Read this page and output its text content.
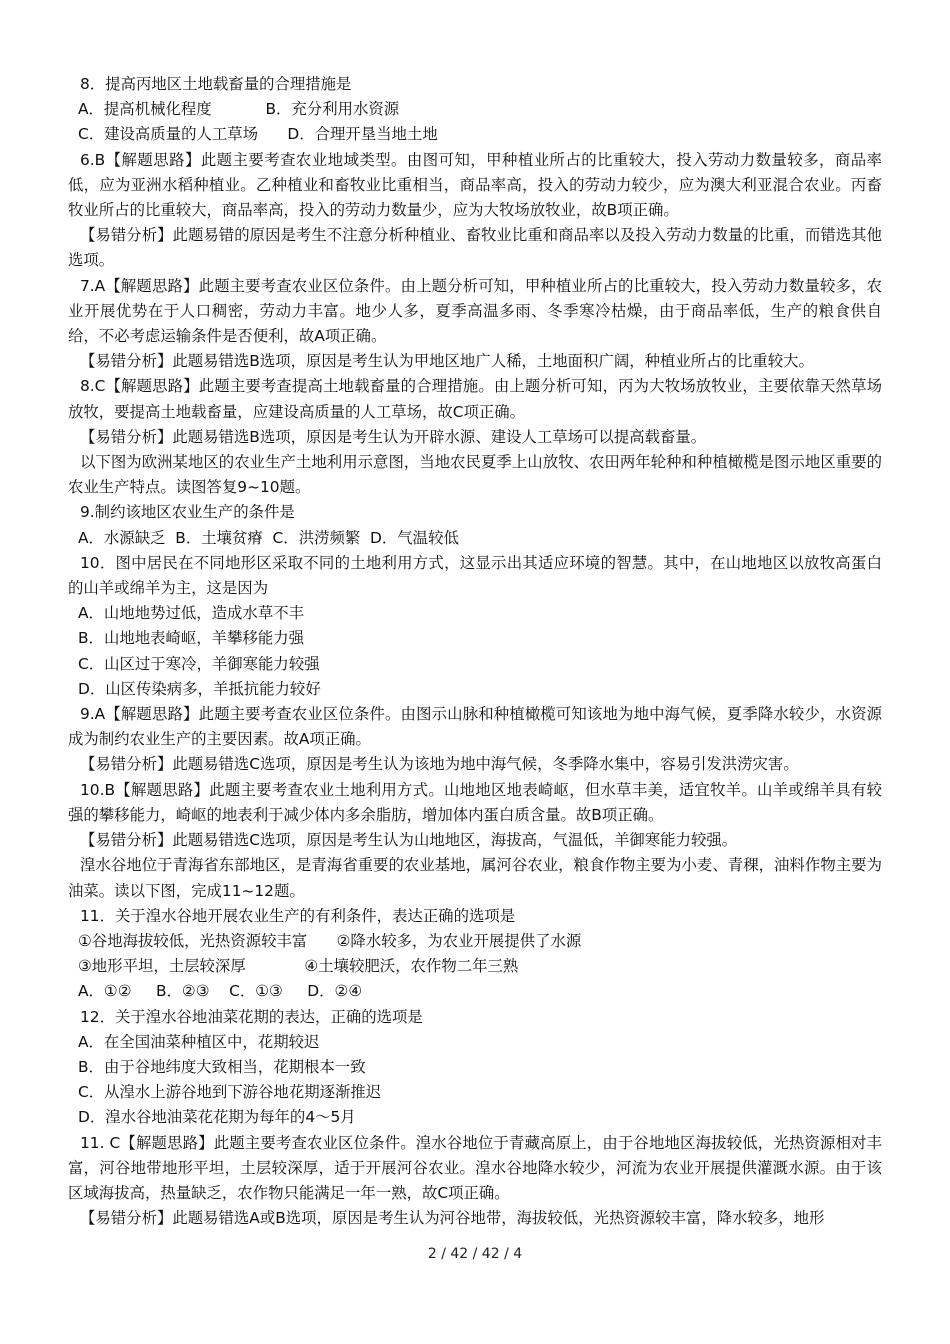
8．提高丙地区土地载畜量的合理措施是

A．提高机械化程度           B．充分利用水资源

C．建设高质量的人工草场      D．合理开垦当地土地

6.B【解题思路】此题主要考查农业地域类型。由图可知，甲种植业所占的比重较大，投入劳动力数量较多，商品率低，应为亚洲水稻种植业。乙种植业和畜牧业比重相当，商品率高，投入的劳动力较少，应为澳大利亚混合农业。丙畜牧业所占的比重较大，商品率高，投入的劳动力数量少，应为大牧场放牧业，故B项正确。

【易错分析】此题易错的原因是考生不注意分析种植业、畜牧业比重和商品率以及投入劳动力数量的比重，而错选其他选项。

7.A【解题思路】此题主要考查农业区位条件。由上题分析可知，甲种植业所占的比重较大，投入劳动力数量较多，农业开展优势在于人口稠密，劳动力丰富。地少人多，夏季高温多雨、冬季寒冷枯燥，由于商品率低，生产的粮食供自给，不必考虑运输条件是否便利，故A项正确。

【易错分析】此题易错选B选项，原因是考生认为甲地区地广人稀，土地面积广阔，种植业所占的比重较大。

8.C【解题思路】此题主要考查提高土地载畜量的合理措施。由上题分析可知，丙为大牧场放牧业，主要依靠天然草场放牧，要提高土地载畜量，应建设高质量的人工草场，故C项正确。

【易错分析】此题易错选B选项，原因是考生认为开辟水源、建设人工草场可以提高载畜量。

以下图为欧洲某地区的农业生产土地利用示意图，当地农民夏季上山放牧、农田两年轮种和种植橄榄是图示地区重要的农业生产特点。读图答复9~10题。

9.制约该地区农业生产的条件是

A．水源缺乏  B．土壤贫瘠  C．洪涝频繁  D．气温较低

10．图中居民在不同地形区采取不同的土地利用方式，这显示出其适应环境的智慧。其中，在山地地区以放牧高蛋白的山羊或绵羊为主，这是因为

A．山地地势过低，造成水草不丰

B．山地地表崎岖，羊攀移能力强

C．山区过于寒冷，羊御寒能力较强

D．山区传染病多，羊抵抗能力较好

9.A【解题思路】此题主要考查农业区位条件。由图示山脉和种植橄榄可知该地为地中海气候，夏季降水较少，水资源成为制约农业生产的主要因素。故A项正确。

【易错分析】此题易错选C选项，原因是考生认为该地为地中海气候，冬季降水集中，容易引发洪涝灾害。

10.B【解题思路】此题主要考查农业土地利用方式。山地地区地表崎岖，但水草丰美，适宜牧羊。山羊或绵羊具有较强的攀移能力，崎岖的地表利于减少体内多余脂肪，增加体内蛋白质含量。故B项正确。

【易错分析】此题易错选C选项，原因是考生认为山地地区，海拔高，气温低，羊御寒能力较强。

湟水谷地位于青海省东部地区，是青海省重要的农业基地，属河谷农业，粮食作物主要为小麦、青稞，油料作物主要为油菜。读以下图，完成11~12题。

11．关于湟水谷地开展农业生产的有利条件，表达正确的选项是

①谷地海拔较低，光热资源较丰富      ②降水较多，为农业开展提供了水源

③地形平坦，土层较深厚            ④土壤较肥沃，农作物二年三熟

A．①②     B．②③    C．①③     D．②④

12．关于湟水谷地油菜花期的表达，正确的选项是

A．在全国油菜种植区中，花期较迟

B．由于谷地纬度大致相当，花期根本一致

C．从湟水上游谷地到下游谷地花期逐渐推迟

D．湟水谷地油菜花花期为每年的4～5月

11. C【解题思路】此题主要考查农业区位条件。湟水谷地位于青藏高原上，由于谷地地区海拔较低，光热资源相对丰富，河谷地带地形平坦，土层较深厚，适于开展河谷农业。湟水谷地降水较少，河流为农业开展提供灌溉水源。由于该区域海拔高，热量缺乏，农作物只能满足一年一熟，故C项正确。

【易错分析】此题易错选A或B选项，原因是考生认为河谷地带，海拔较低，光热资源较丰富，降水较多，地形

2 / 42 / 42 / 4
